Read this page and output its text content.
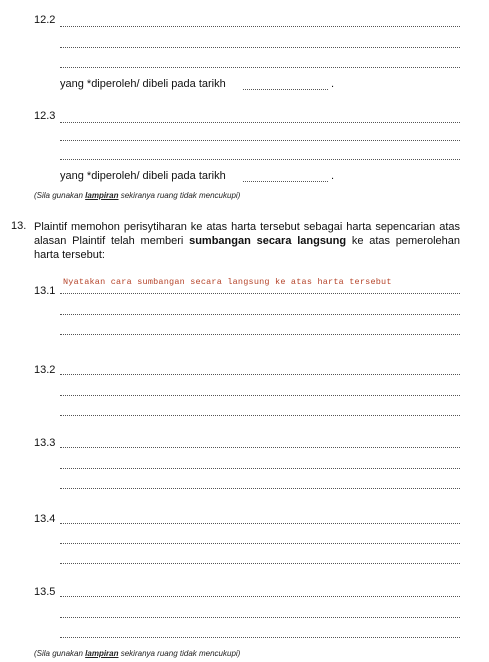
12.2
yang *diperoleh/ dibeli pada tarikh	.
12.3
yang *diperoleh/ dibeli pada tarikh	.
(Sila gunakan lampiran sekiranya ruang tidak mencukupi)
13. Plaintif memohon perisytiharan ke atas harta tersebut sebagai harta sepencarian atas alasan Plaintif telah memberi sumbangan secara langsung ke atas pemerolehan harta tersebut:
13.1
Nyatakan cara sumbangan secara langsung ke atas harta tersebut
13.2
13.3
13.4
13.5
(Sila gunakan lampiran sekiranya ruang tidak mencukupi)
